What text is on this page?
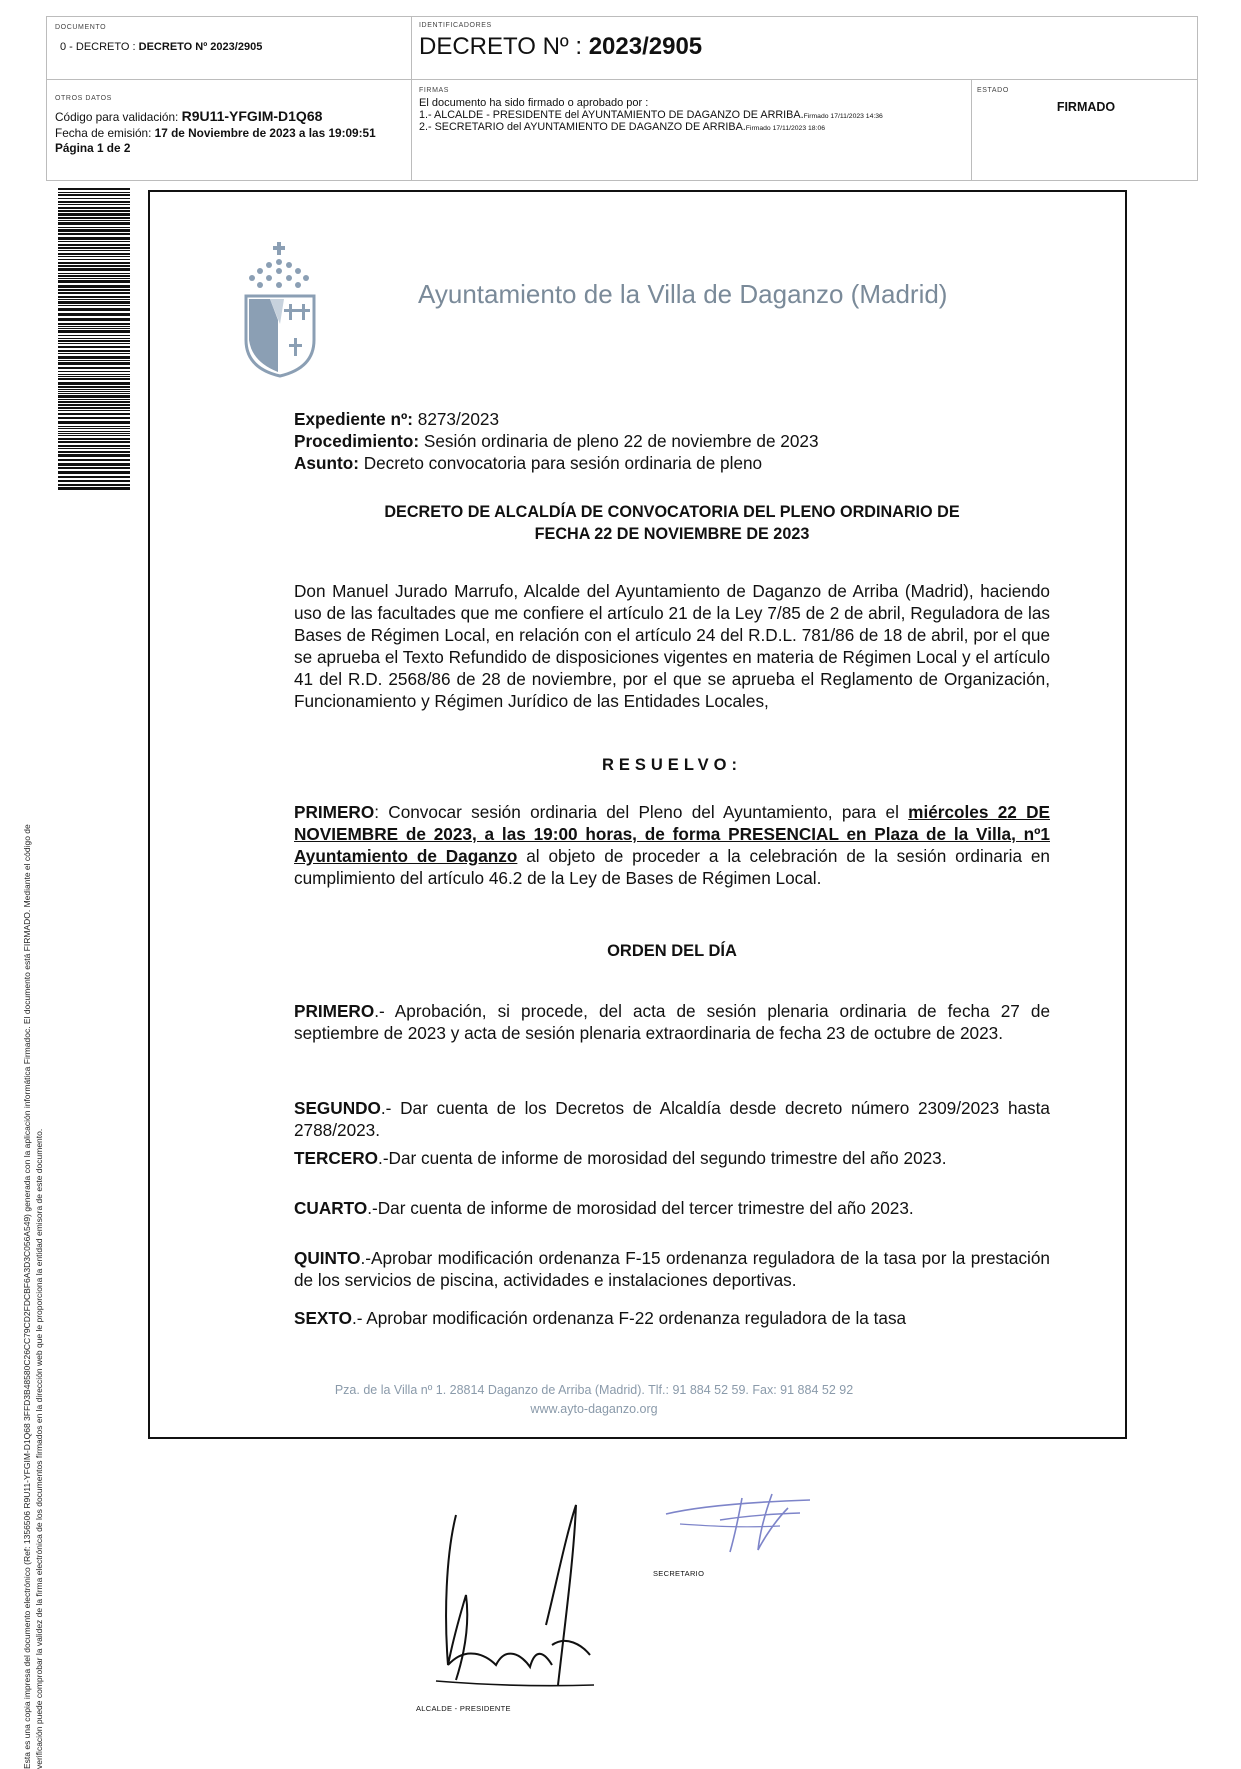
DOCUMENTO
0 - DECRETO : DECRETO Nº 2023/2905
IDENTIFICADORES
DECRETO Nº : 2023/2905
OTROS DATOS
Código para validación: R9U11-YFGIM-D1Q68
Fecha de emisión: 17 de Noviembre de 2023 a las 19:09:51
Página 1 de 2
FIRMAS
El documento ha sido firmado o aprobado por :
1.- ALCALDE - PRESIDENTE del AYUNTAMIENTO DE DAGANZO DE ARRIBA.Firmado 17/11/2023 14:36
2.- SECRETARIO del AYUNTAMIENTO DE DAGANZO DE ARRIBA.Firmado 17/11/2023 18:06
ESTADO
FIRMADO
Esta es una copia impresa del documento electrónico (Ref: 1356506 R9U11-YFGIM-D1Q68 3FFD3B48580C26CC79CD2FDCBF6A3D3C056A549) generada con la aplicación informática Firmadoc. El documento está FIRMADO. Mediante el código de verificación puede comprobar la validez de la firma electrónica de los documentos firmados en la dirección web que le proporciona la entidad emisora de este documento.
Ayuntamiento de la Villa de Daganzo (Madrid)
Expediente nº: 8273/2023
Procedimiento: Sesión ordinaria de pleno 22 de noviembre de 2023
Asunto: Decreto convocatoria para sesión ordinaria de pleno
DECRETO DE ALCALDÍA DE CONVOCATORIA DEL PLENO ORDINARIO DE
FECHA 22 DE NOVIEMBRE DE 2023
Don Manuel Jurado Marrufo, Alcalde del Ayuntamiento de Daganzo de Arriba (Madrid), haciendo uso de las facultades que me confiere el artículo 21 de la Ley 7/85 de 2 de abril, Reguladora de las Bases de Régimen Local, en relación con el artículo 24 del R.D.L. 781/86 de 18 de abril, por el que se aprueba el Texto Refundido de disposiciones vigentes en materia de Régimen Local y el artículo 41 del R.D. 2568/86 de 28 de noviembre, por el que se aprueba el Reglamento de Organización, Funcionamiento y Régimen Jurídico de las Entidades Locales,
RESUELVO:
PRIMERO: Convocar sesión ordinaria del Pleno del Ayuntamiento, para el miércoles 22 DE NOVIEMBRE de 2023, a las 19:00 horas, de forma PRESENCIAL en Plaza de la Villa, nº1 Ayuntamiento de Daganzo al objeto de proceder a la celebración de la sesión ordinaria en cumplimiento del artículo 46.2 de la Ley de Bases de Régimen Local.
ORDEN DEL DÍA
PRIMERO.- Aprobación, si procede, del acta de sesión plenaria ordinaria de fecha 27 de septiembre de 2023 y acta de sesión plenaria extraordinaria de fecha 23 de octubre de 2023.
SEGUNDO.- Dar cuenta de los Decretos de Alcaldía desde decreto número 2309/2023 hasta 2788/2023.
TERCERO.-Dar cuenta de informe de morosidad del segundo trimestre del año 2023.
CUARTO.-Dar cuenta de informe de morosidad del tercer trimestre del año 2023.
QUINTO.-Aprobar modificación ordenanza F-15 ordenanza reguladora de la tasa por la prestación de los servicios de piscina, actividades e instalaciones deportivas.
SEXTO.- Aprobar modificación ordenanza F-22 ordenanza reguladora de la tasa
Pza. de la Villa nº 1. 28814 Daganzo de Arriba (Madrid). Tlf.: 91 884 52 59. Fax: 91 884 52 92
www.ayto-daganzo.org
SECRETARIO
ALCALDE - PRESIDENTE
